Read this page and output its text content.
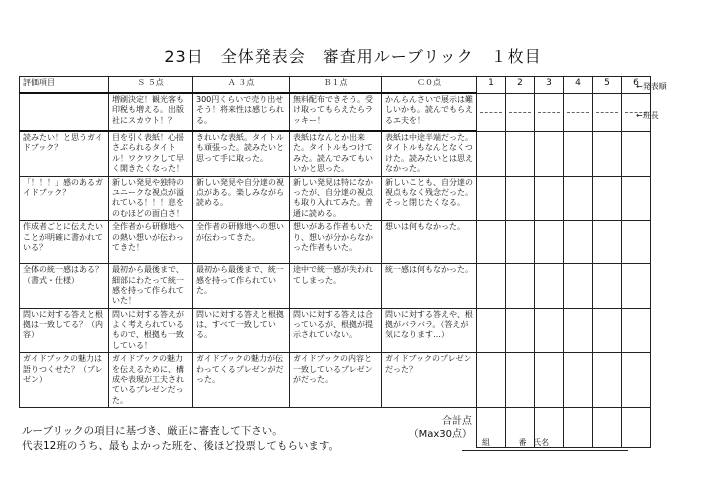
23日　全体発表会　審査用ルーブリック　１枚目
評価項目	Ｓ ５点	Ａ ３点	Ｂ１点	Ｃ０点	1	2	3	4	5	6
	増刷決定！観光客も印税も増える。出版社にスカウト！？	300円くらいで売り出せそう！将来性は感じられる。	無料配布できそう。受け取ってもらえたらラッキー！	かんらんさいで展示は難しいかも。読んでもらえるエ夫を！	

読みたい！と思うガイドブック？	目を引く表紙！心揺さぶられるタイトル！ワクワクして早く開きたくなった！	きれいな表紙。タイトルも頑張った。読みたいと思って手に取った。	表紙はなんとか出来た。タイトルもつけてみた。読んでみてもいいかと思った。	表紙は中途半端だった。タイトルもなんとなくつけた。読みたいとは思えなかった。						
「！！！」感のあるガイドブック？	新しい発見や独特のユニークな視点が溢れている！！！息をのむほどの面白さ！	新しい発見や自分達の視点がある。楽しみながら読める。	新しい発見は特になかったが、自分達の視点も取り入れてみた。普通に読める。	新しいことも、自分達の視点もなく残念だった。そっと閉じたくなる。						
作成者ごとに伝えたいことが明確に書かれている？	全作者から研修地への熱い想いが伝わってきた！	全作者の研修地への想いが伝わってきた。	想いがある作者もいたり、想いが分からなかった作者もいた。	想いは何もなかった。						
全体の統一感はある？（書式・仕様）	最初から最後まで、細部にわたって統一感を持って作られていた！	最初から最後まで、統一感を持って作られていた。	途中で統一感が失われてしまった。	統一感は何もなかった。						
問いに対する答えと根拠は一致してる？（内容）	問いに対する答えがよく考えられているもので、根拠も一致している！	問いに対する答えと根拠は、すべて一致している。	問いに対する答えは合っているが、根拠が提示されていない。	問いに対する答えや、根拠がバラバラ。（答えが気になります…）						
ガイドブックの魅力は語りつくせた？（プレゼン）	ガイドブックの魅力を伝えるために、構成や表現が工夫されているプレゼンだった。	ガイドブックの魅力が伝わってくるプレゼンがだった。	ガイドブックの内容と一致しているプレゼンがだった。	ガイドブックのプレゼンだった？						

合計点
（Max30点）										

←発表順
←班長
ルーブリックの項目に基づき、厳正に審査して下さい。
代表12班のうち、最もよかった班を、後ほど投票してもらいます。	組	番 氏名
